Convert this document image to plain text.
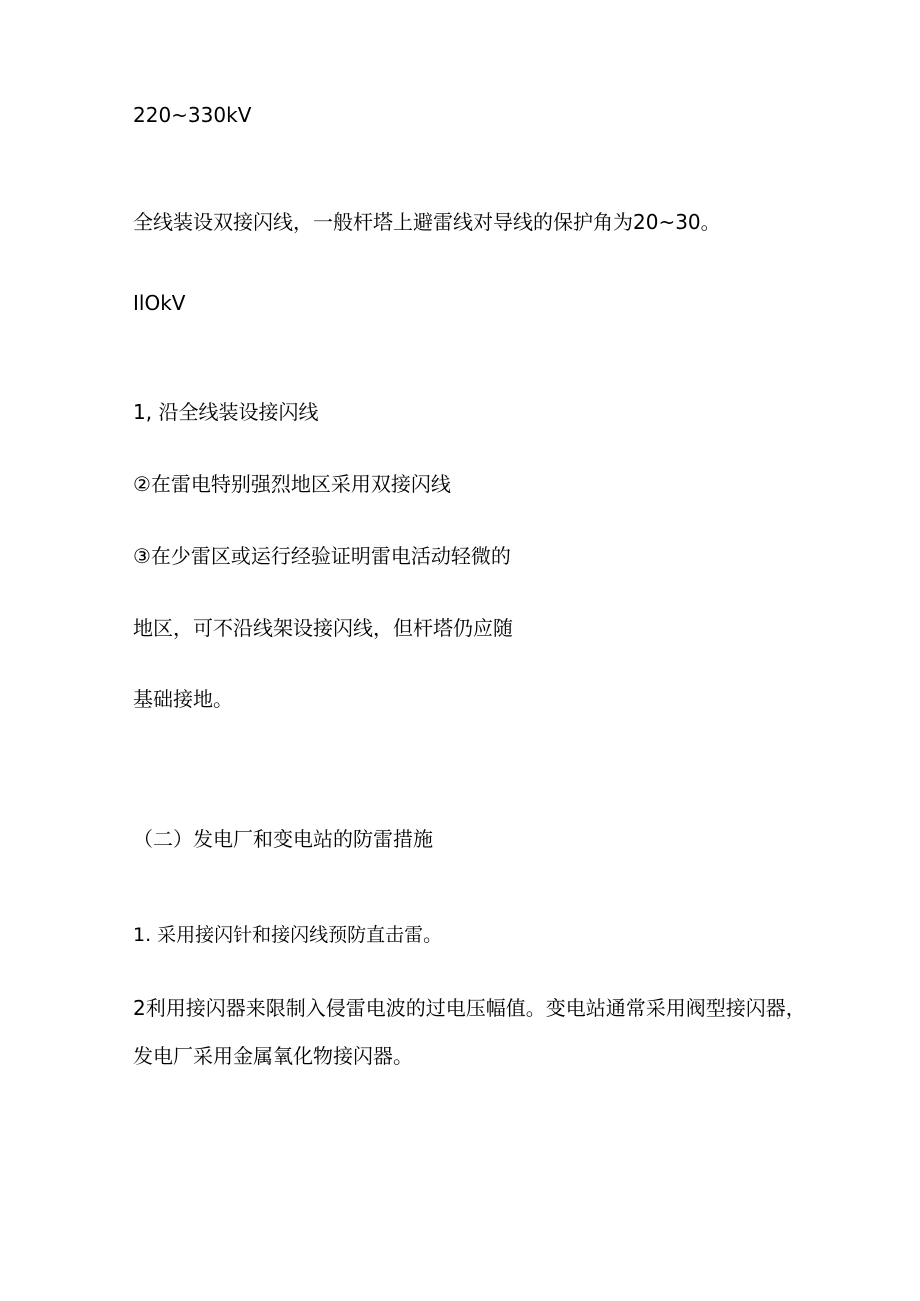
220~330kV

全线装设双接闪线，一般杆塔上避雷线对导线的保护角为20~30。

IlOkV

1, 沿全线装设接闪线

②在雷电特别强烈地区采用双接闪线

③在少雷区或运行经验证明雷电活动轻微的

地区，可不沿线架设接闪线，但杆塔仍应随

基础接地。

（二）发电厂和变电站的防雷措施

1. 采用接闪针和接闪线预防直击雷。

2利用接闪器来限制入侵雷电波的过电压幅值。变电站通常采用阀型接闪器，

发电厂采用金属氧化物接闪器。
